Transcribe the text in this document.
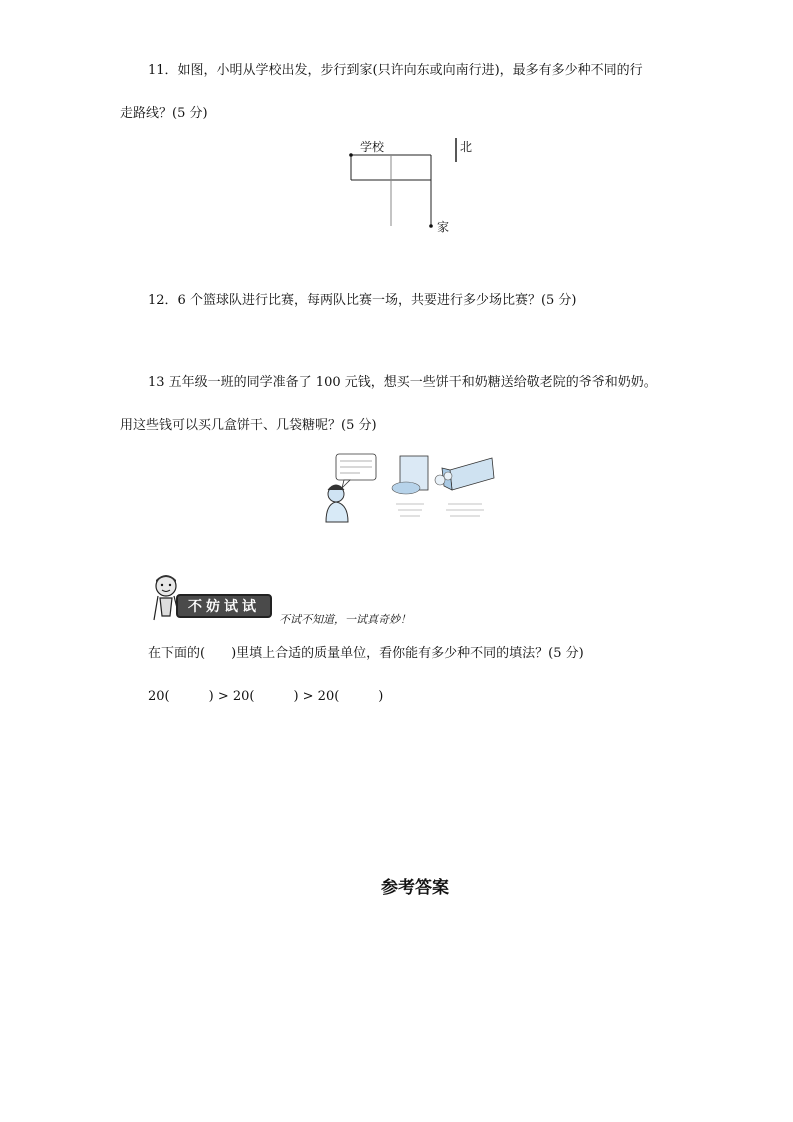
11．如图，小明从学校出发，步行到家(只许向东或向南行进)，最多有多少种不同的行
走路线？(5 分)
学校	北
家
12．6 个篮球队进行比赛，每两队比赛一场，共要进行多少场比赛？(5 分)
13 五年级一班的同学准备了 100 元钱，想买一些饼干和奶糖送给敬老院的爷爷和奶奶。
用这些钱可以买几盒饼干、几袋糖呢？(5 分)
不妨试试
不试不知道，一试真奇妙！
在下面的(　　)里填上合适的质量单位，看你能有多少种不同的填法？(5 分)
20(　　　) > 20(　　　) > 20(　　　)
参考答案
